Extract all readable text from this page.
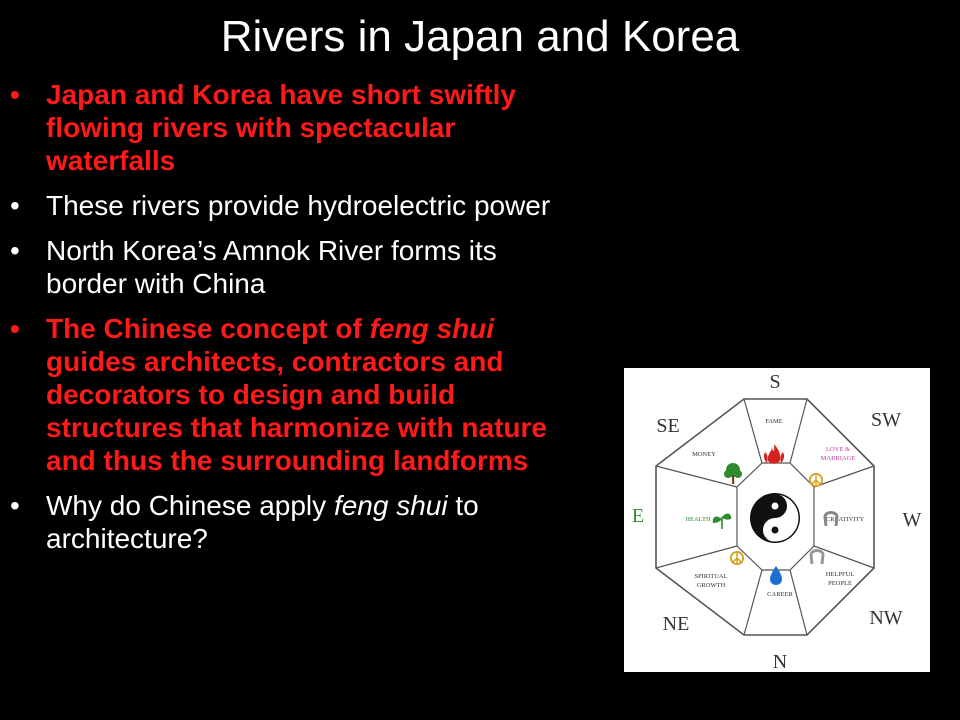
Rivers in Japan and Korea
• Japan and Korea have short swiftly flowing rivers with spectacular waterfalls
• These rivers provide hydroelectric power
• North Korea’s Amnok River forms its border with China
• The Chinese concept of feng shui guides architects, contractors and decorators to design and build structures that harmonize with nature and thus the surrounding landforms
• Why do Chinese apply feng shui to architecture?
S
SW
W
NW
N
NE
E
SE	FAME
LOVE &
MARRIAGE
CREATIVITY
HELPFUL
PEOPLE
CAREER
SPIRITUAL
GROWTH
HEALTH
MONEY
